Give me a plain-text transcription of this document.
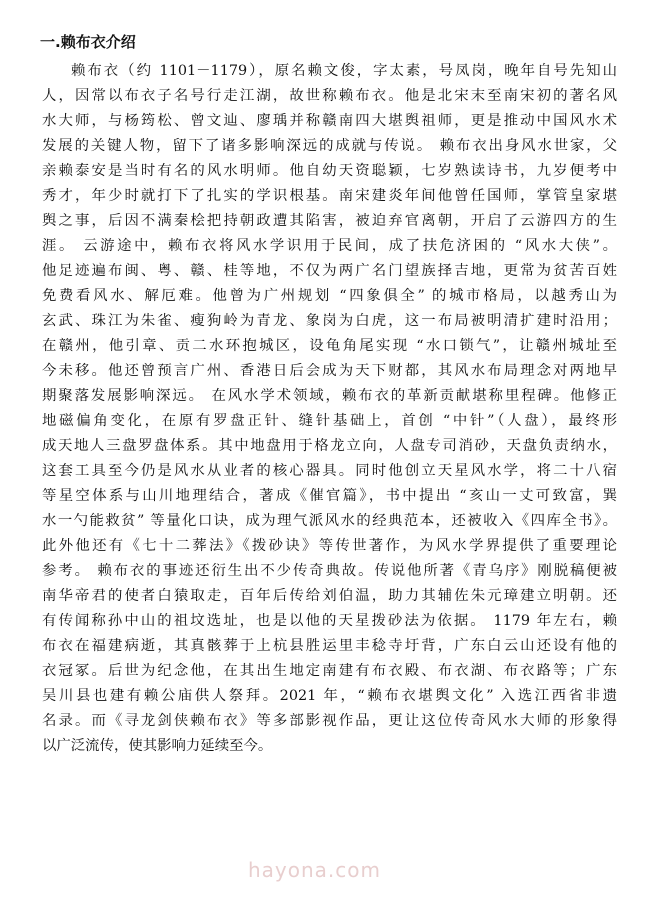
一.赖布衣介绍
赖布衣（约 1101－1179），原名赖文俊，字太素，号凤岗，晚年自号先知山
人，因常以布衣子名号行走江湖，故世称赖布衣。他是北宋末至南宋初的著名风
水大师，与杨筠松、曾文辿、廖瑀并称赣南四大堪舆祖师，更是推动中国风水术
发展的关键人物，留下了诸多影响深远的成就与传说。 赖布衣出身风水世家，父
亲赖泰安是当时有名的风水明师。他自幼天资聪颖，七岁熟读诗书，九岁便考中
秀才，年少时就打下了扎实的学识根基。南宋建炎年间他曾任国师，掌管皇家堪
舆之事，后因不满秦桧把持朝政遭其陷害，被迫弃官离朝，开启了云游四方的生
涯。 云游途中，赖布衣将风水学识用于民间，成了扶危济困的 “风水大侠”。
他足迹遍布闽、粤、赣、桂等地，不仅为两广名门望族择吉地，更常为贫苦百姓
免费看风水、解厄难。他曾为广州规划 “四象俱全” 的城市格局，以越秀山为
玄武、珠江为朱雀、瘦狗岭为青龙、象岗为白虎，这一布局被明清扩建时沿用；
在赣州，他引章、贡二水环抱城区，设龟角尾实现 “水口锁气”，让赣州城址至
今未移。他还曾预言广州、香港日后会成为天下财都，其风水布局理念对两地早
期聚落发展影响深远。 在风水学术领域，赖布衣的革新贡献堪称里程碑。他修正
地磁偏角变化，在原有罗盘正针、缝针基础上，首创 “中针”（人盘），最终形
成天地人三盘罗盘体系。其中地盘用于格龙立向，人盘专司消砂，天盘负责纳水，
这套工具至今仍是风水从业者的核心器具。同时他创立天星风水学，将二十八宿
等星空体系与山川地理结合，著成《催官篇》，书中提出 “亥山一丈可致富，巽
水一勺能救贫” 等量化口诀，成为理气派风水的经典范本，还被收入《四库全书》。
此外他还有《七十二葬法》《拨砂诀》等传世著作，为风水学界提供了重要理论
参考。 赖布衣的事迹还衍生出不少传奇典故。传说他所著《青乌序》刚脱稿便被
南华帝君的使者白猿取走，百年后传给刘伯温，助力其辅佐朱元璋建立明朝。还
有传闻称孙中山的祖坟选址，也是以他的天星拨砂法为依据。 1179 年左右，赖
布衣在福建病逝，其真骸葬于上杭县胜运里丰稔寺圩背，广东白云山还设有他的
衣冠冢。后世为纪念他，在其出生地定南建有布衣殿、布衣湖、布衣路等；广东
吴川县也建有赖公庙供人祭拜。2021 年，“赖布衣堪舆文化” 入选江西省非遗
名录。而《寻龙剑侠赖布衣》等多部影视作品，更让这位传奇风水大师的形象得
以广泛流传，使其影响力延续至今。
hayona.com
